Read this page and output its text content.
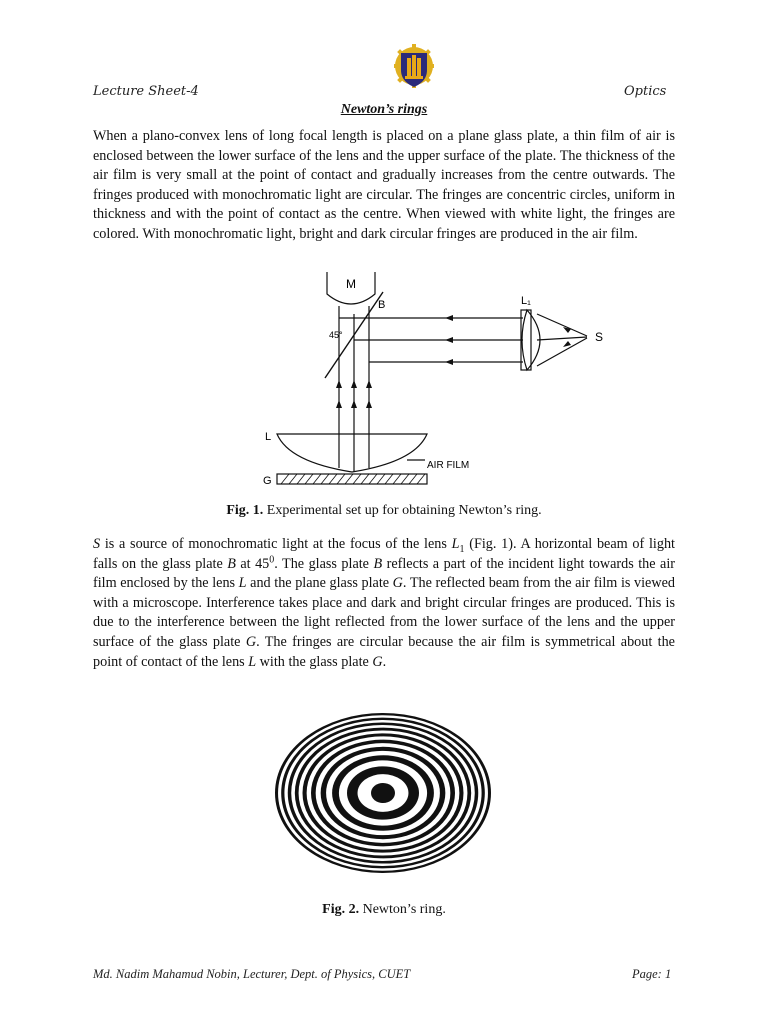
Lecture Sheet-4	Optics
Newton’s rings
When a plano-convex lens of long focal length is placed on a plane glass plate, a thin film of air is enclosed between the lower surface of the lens and the upper surface of the plate. The thickness of the air film is very small at the point of contact and gradually increases from the centre outwards. The fringes produced with monochromatic light are circular. The fringes are concentric circles, uniform in thickness and with the point of contact as the centre. When viewed with white light, the fringes are colored. With monochromatic light, bright and dark circular fringes are produced in the air film.
M
B
45°
L₁
S
L
G
AIR FILM
Fig. 1. Experimental set up for obtaining Newton’s ring.
S is a source of monochromatic light at the focus of the lens $L_1$ (Fig. 1). A horizontal beam of light falls on the glass plate B at $45^0$. The glass plate B reflects a part of the incident light towards the air film enclosed by the lens L and the plane glass plate G. The reflected beam from the air film is viewed with a microscope. Interference takes place and dark and bright circular fringes are produced. This is due to the interference between the light reflected from the lower surface of the lens and the upper surface of the glass plate G. The fringes are circular because the air film is symmetrical about the point of contact of the lens L with the glass plate G.
Fig. 2. Newton’s ring.
Md. Nadim Mahamud Nobin, Lecturer, Dept. of Physics, CUET	Page: 1
